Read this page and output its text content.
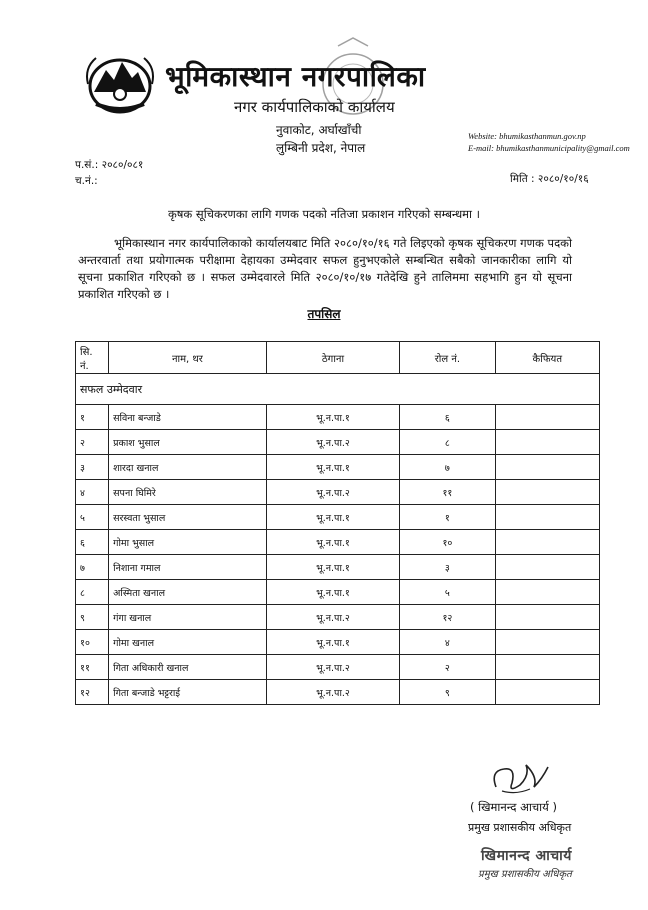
भूमिकास्थान नगरपालिका
नगर कार्यपालिकाको कार्यालय
नुवाकोट, अर्घाखाँची
लुम्बिनी प्रदेश, नेपाल
Website: bhumikasthanmun.gov.np
E-mail: bhumikasthanmunicipality@gmail.com
प.सं.: २०८०/०८१
च.नं.:	मिति : २०८०/१०/१६
कृषक सूचिकरणका लागि गणक पदको नतिजा प्रकाशन गरिएको सम्बन्धमा ।
भूमिकास्थान नगर कार्यपालिकाको कार्यालयबाट मिति २०८०/१०/१६ गते लिइएको कृषक सूचिकरण गणक पदको अन्तरवार्ता तथा प्रयोगात्मक परीक्षामा देहायका उम्मेदवार सफल हुनुभएकोले सम्बन्धित सबैको जानकारीका लागि यो सूचना प्रकाशित गरिएको छ । सफल उम्मेदवारले मिति २०८०/१०/१७ गतेदेखि हुने तालिममा सहभागि हुन यो सूचना प्रकाशित गरिएको छ ।
तपसिल
सि. नं.	नाम, थर	ठेगाना	रोल नं.	कैफियत
सफल उम्मेदवार				
१	सविना बन्जाडे	भू.न.पा.१	६	
२	प्रकाश भुसाल	भू.न.पा.२	८	
३	शारदा खनाल	भू.न.पा.१	७	
४	सपना घिमिरे	भू.न.पा.२	११	
५	सरस्वता भुसाल	भू.न.पा.१	१	
६	गोमा भुसाल	भू.न.पा.१	१०	
७	निशाना गमाल	भू.न.पा.१	३	
८	अस्मिता खनाल	भू.न.पा.१	५	
९	गंगा खनाल	भू.न.पा.२	१२	
१०	गोमा खनाल	भू.न.पा.१	४	
११	गिता अधिकारी खनाल	भू.न.पा.२	२	
१२	गिता बन्जाडे भट्टराई	भू.न.पा.२	९	
( खिमानन्द आचार्य )
प्रमुख प्रशासकीय अधिकृत
खिमानन्द आचार्य
प्रमुख प्रशासकीय अधिकृत
